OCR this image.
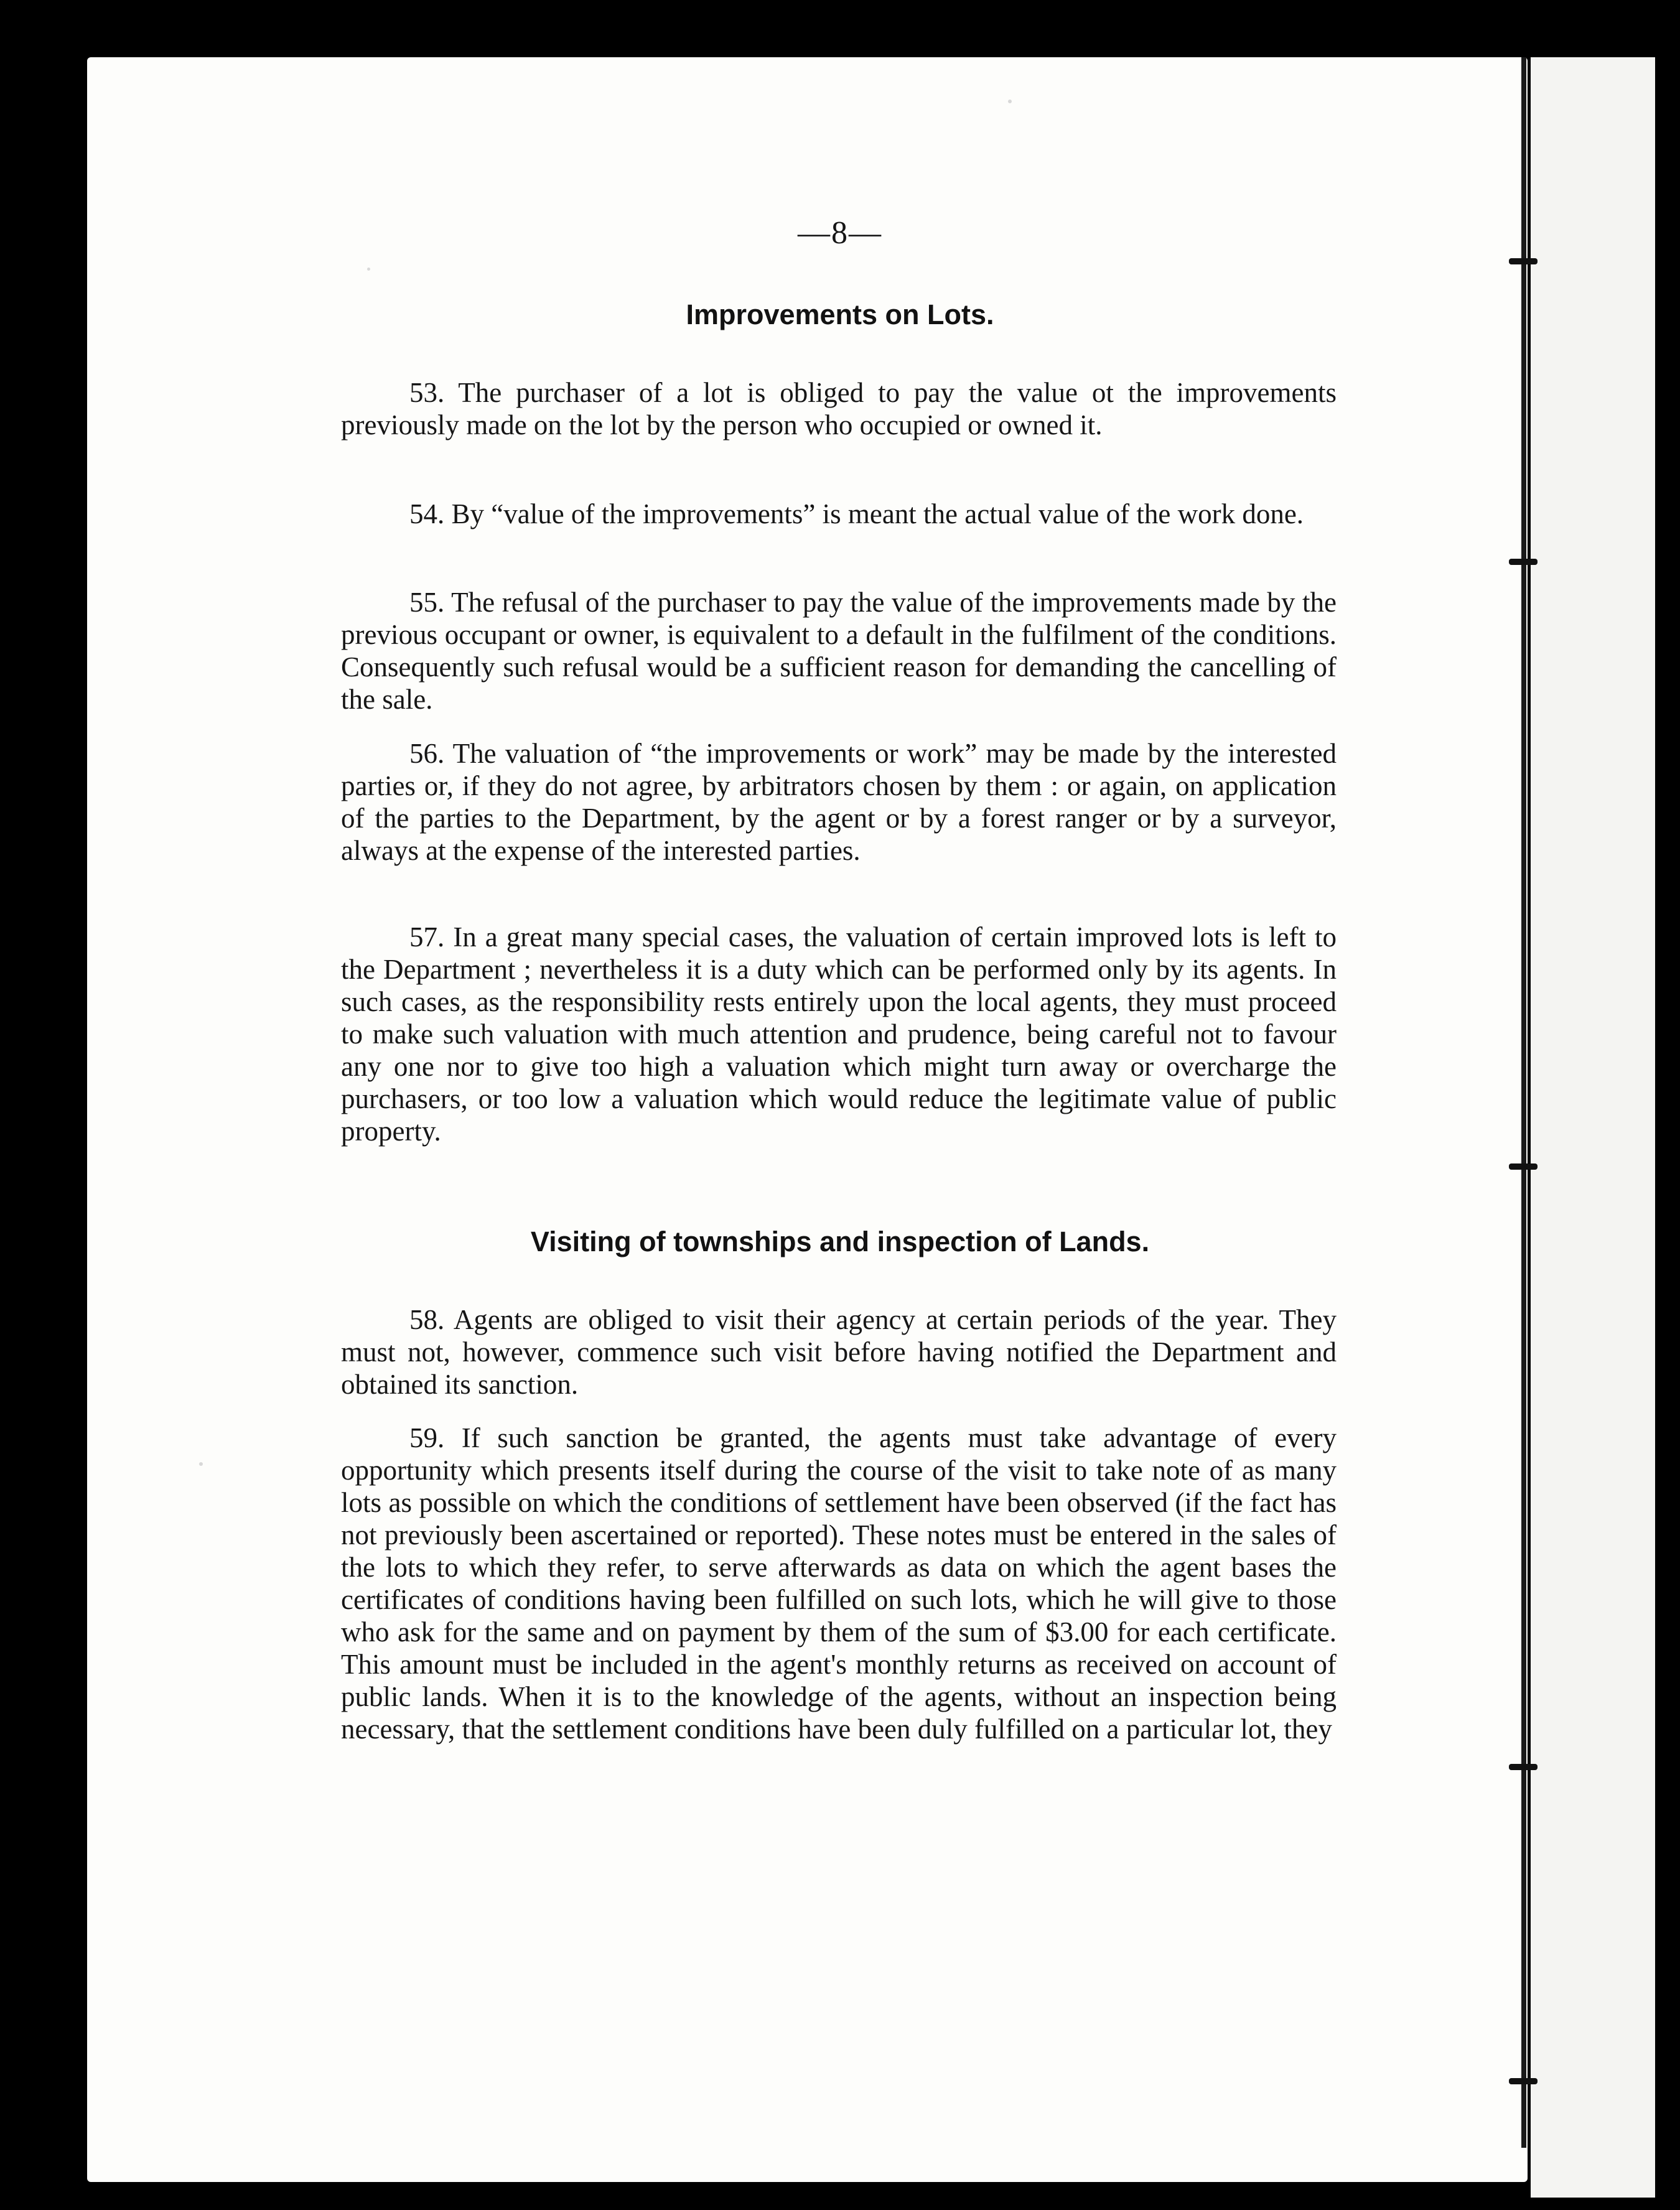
—8—
Improvements on Lots.

53. The purchaser of a lot is obliged to pay the value ot the improvements previously made on the lot by the person who occupied or owned it.

54. By “value of the improvements” is meant the actual value of the work done.

55. The refusal of the purchaser to pay the value of the improvements made by the previous occupant or owner, is equivalent to a default in the fulfilment of the conditions. Consequently such refusal would be a sufficient reason for demanding the cancelling of the sale.

56. The valuation of “the improvements or work” may be made by the interested parties or, if they do not agree, by arbitrators chosen by them : or again, on application of the parties to the Department, by the agent or by a forest ranger or by a surveyor, always at the expense of the interested parties.

57. In a great many special cases, the valuation of certain improved lots is left to the Department ; nevertheless it is a duty which can be performed only by its agents. In such cases, as the responsibility rests entirely upon the local agents, they must proceed to make such valuation with much attention and prudence, being careful not to favour any one nor to give too high a valuation which might turn away or overcharge the purchasers, or too low a valuation which would reduce the legitimate value of public property.

Visiting of townships and inspection of Lands.

58. Agents are obliged to visit their agency at certain periods of the year. They must not, however, commence such visit before having notified the Department and obtained its sanction.

59. If such sanction be granted, the agents must take advantage of every opportunity which presents itself during the course of the visit to take note of as many lots as possible on which the conditions of settlement have been observed (if the fact has not previously been ascertained or reported). These notes must be entered in the sales of the lots to which they refer, to serve afterwards as data on which the agent bases the certificates of conditions having been fulfilled on such lots, which he will give to those who ask for the same and on payment by them of the sum of $3.00 for each certificate. This amount must be included in the agent's monthly returns as received on account of public lands. When it is to the knowledge of the agents, without an inspection being necessary, that the settlement conditions have been duly fulfilled on a particular lot, they
